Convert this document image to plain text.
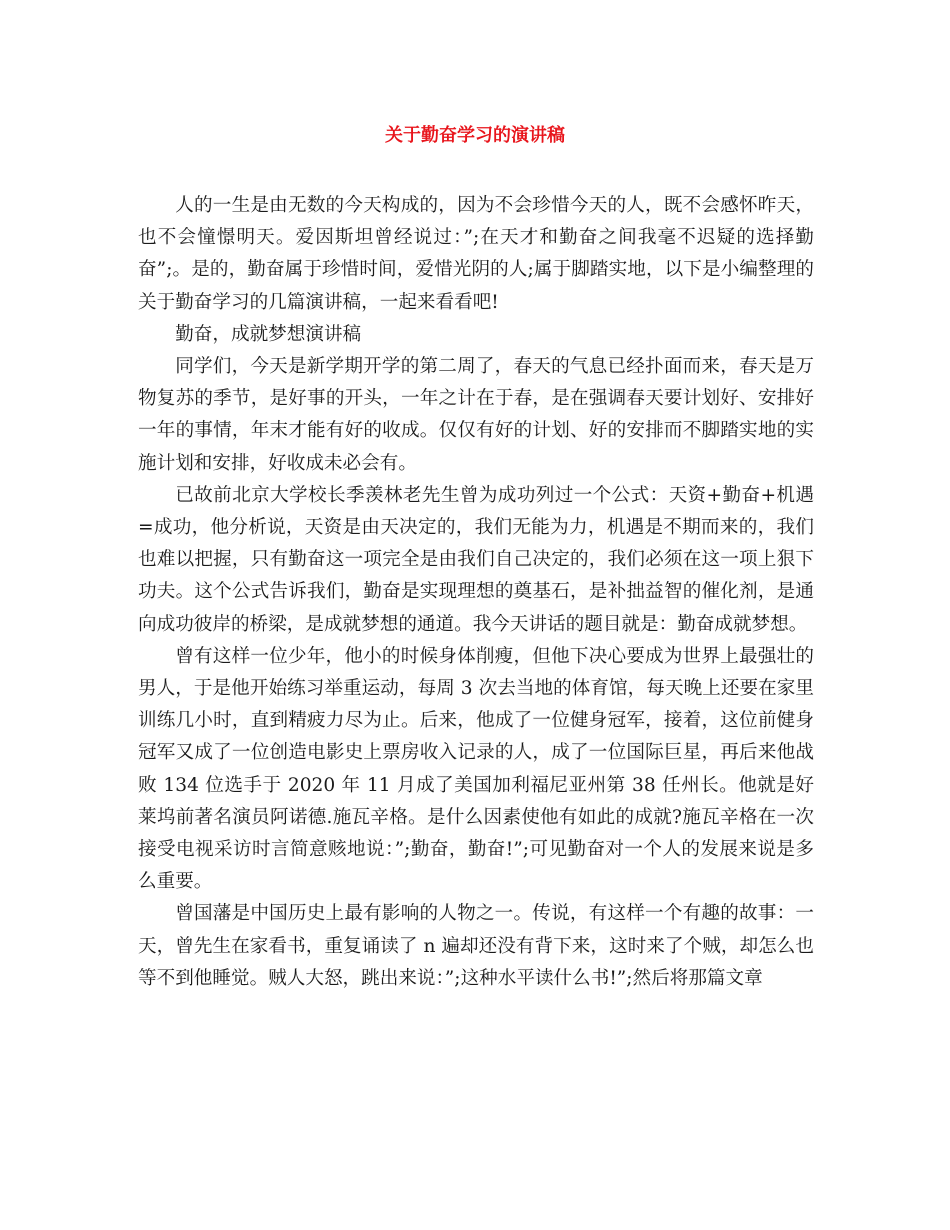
关于勤奋学习的演讲稿

人的一生是由无数的今天构成的，因为不会珍惜今天的人，既不会感怀昨天，也不会憧憬明天。爱因斯坦曾经说过：”;在天才和勤奋之间我毫不迟疑的选择勤奋”;。是的，勤奋属于珍惜时间，爱惜光阴的人;属于脚踏实地，以下是小编整理的关于勤奋学习的几篇演讲稿，一起来看看吧!

勤奋，成就梦想演讲稿

同学们，今天是新学期开学的第二周了，春天的气息已经扑面而来，春天是万物复苏的季节，是好事的开头，一年之计在于春，是在强调春天要计划好、安排好一年的事情，年末才能有好的收成。仅仅有好的计划、好的安排而不脚踏实地的实施计划和安排，好收成未必会有。

已故前北京大学校长季羡林老先生曾为成功列过一个公式：天资+勤奋+机遇=成功，他分析说，天资是由天决定的，我们无能为力，机遇是不期而来的，我们也难以把握，只有勤奋这一项完全是由我们自己决定的，我们必须在这一项上狠下功夫。这个公式告诉我们，勤奋是实现理想的奠基石，是补拙益智的催化剂，是通向成功彼岸的桥梁，是成就梦想的通道。我今天讲话的题目就是：勤奋成就梦想。

曾有这样一位少年，他小的时候身体削瘦，但他下决心要成为世界上最强壮的男人，于是他开始练习举重运动，每周 3 次去当地的体育馆，每天晚上还要在家里训练几小时，直到精疲力尽为止。后来，他成了一位健身冠军，接着，这位前健身冠军又成了一位创造电影史上票房收入记录的人，成了一位国际巨星，再后来他战败 134 位选手于 2020 年 11 月成了美国加利福尼亚州第 38 任州长。他就是好莱坞前著名演员阿诺德.施瓦辛格。是什么因素使他有如此的成就?施瓦辛格在一次接受电视采访时言简意赅地说：”;勤奋，勤奋!”;可见勤奋对一个人的发展来说是多么重要。

曾国藩是中国历史上最有影响的人物之一。传说，有这样一个有趣的故事：一天，曾先生在家看书，重复诵读了 n 遍却还没有背下来，这时来了个贼，却怎么也等不到他睡觉。贼人大怒，跳出来说：”;这种水平读什么书!”;然后将那篇文章
